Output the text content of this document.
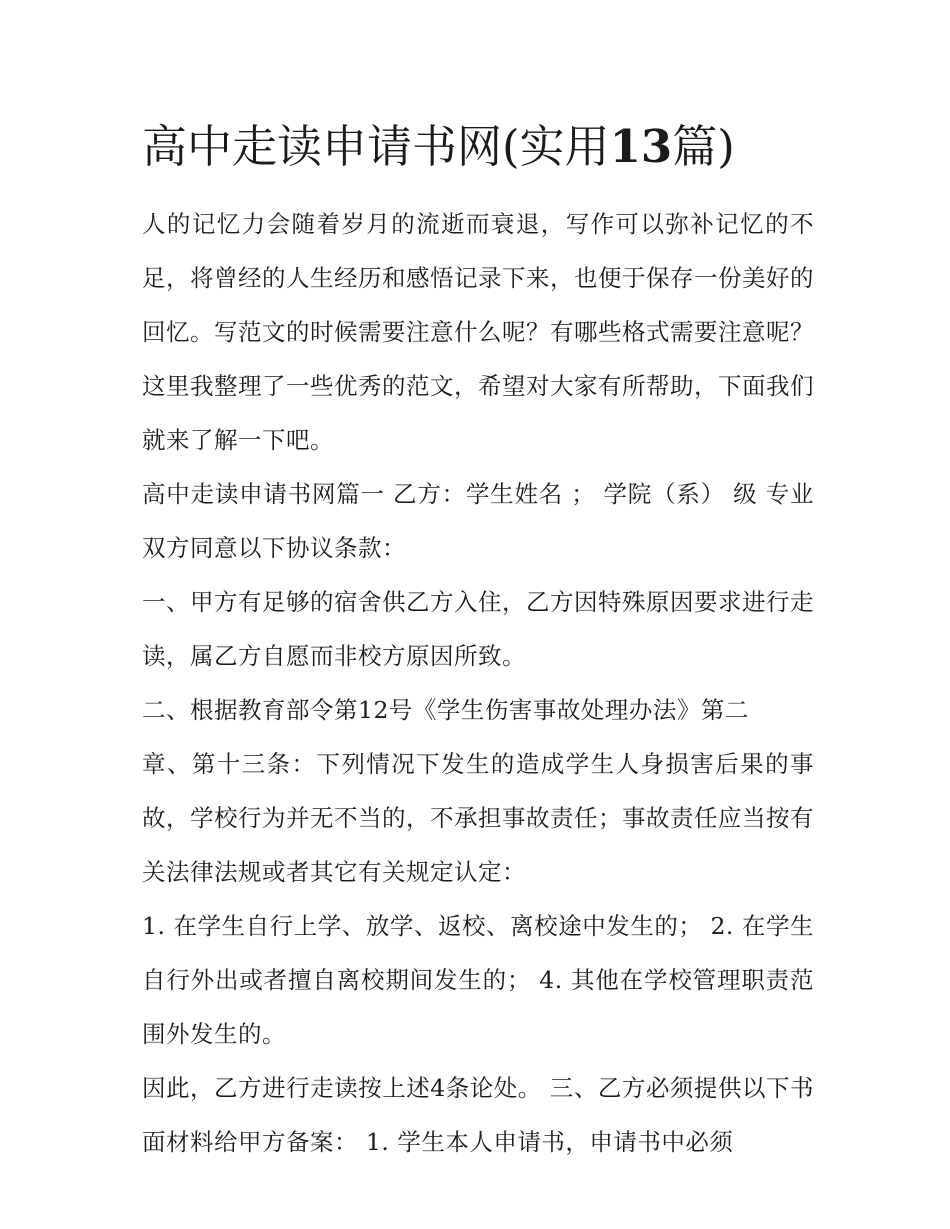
高中走读申请书网(实用13篇)

人的记忆力会随着岁月的流逝而衰退，写作可以弥补记忆的不足，将曾经的人生经历和感悟记录下来，也便于保存一份美好的回忆。写范文的时候需要注意什么呢？有哪些格式需要注意呢？这里我整理了一些优秀的范文，希望对大家有所帮助，下面我们就来了解一下吧。

高中走读申请书网篇一 乙方：学生姓名 ； 学院（系） 级 专业 双方同意以下协议条款：

一、甲方有足够的宿舍供乙方入住，乙方因特殊原因要求进行走读，属乙方自愿而非校方原因所致。

二、根据教育部令第12号《学生伤害事故处理办法》第二

章、第十三条：下列情况下发生的造成学生人身损害后果的事故，学校行为并无不当的，不承担事故责任；事故责任应当按有关法律法规或者其它有关规定认定：

1. 在学生自行上学、放学、返校、离校途中发生的； 2. 在学生自行外出或者擅自离校期间发生的； 4. 其他在学校管理职责范围外发生的。

因此，乙方进行走读按上述4条论处。 三、乙方必须提供以下书面材料给甲方备案： 1. 学生本人申请书，申请书中必须
